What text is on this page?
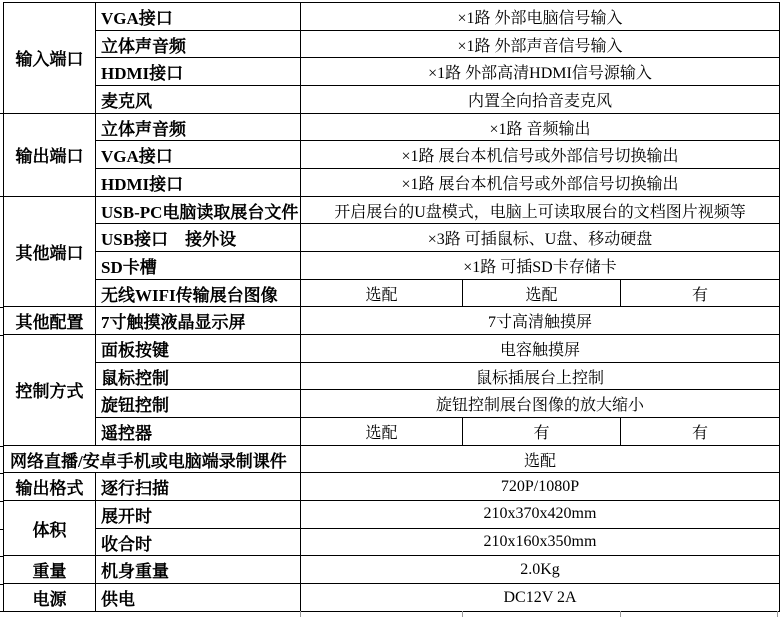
输入端口	VGA接口	×1路 外部电脑信号输入		
	立体声音频	×1路 外部声音信号输入		
	HDMI接口	×1路 外部高清HDMI信号源输入		
	麦克风	内置全向拾音麦克风		
输出端口	立体声音频	×1路 音频输出		
	VGA接口	×1路 展台本机信号或外部信号切换输出		
	HDMI接口	×1路 展台本机信号或外部信号切换输出		
其他端口	USB-PC电脑读取展台文件	开启展台的U盘模式，电脑上可读取展台的文档图片视频等		
	USB接口　接外设	×3路 可插鼠标、U盘、移动硬盘		
	SD卡槽	×1路 可插SD卡存储卡		
	无线WIFI传输展台图像	选配	选配	有
其他配置	7寸触摸液晶显示屏	7寸高清触摸屏		
控制方式	面板按键	电容触摸屏		
	鼠标控制	鼠标插展台上控制		
	旋钮控制	旋钮控制展台图像的放大缩小		
	遥控器	选配	有	有
网络直播/安卓手机或电脑端录制课件		选配		
输出格式	逐行扫描	720P/1080P		
体积	展开时	210x370x420mm		
	收合时	210x160x350mm		
重量	机身重量	2.0Kg		
电源	供电	DC12V 2A		
